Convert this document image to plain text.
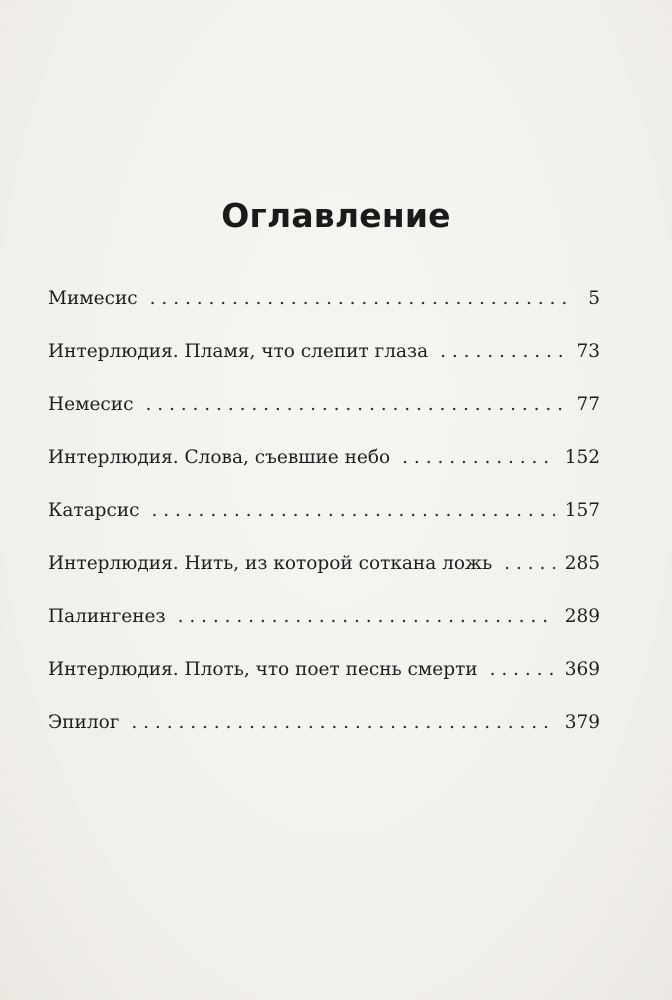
Оглавление
Мимесис . . .	5
Интерлюдия. Пламя, что слепит глаза . . .	73
Немесис . . .	77
Интерлюдия. Слова, съевшие небо . . .	152
Катарсис . . .	157
Интерлюдия. Нить, из которой соткана ложь . . .	285
Палингенез . . .	289
Интерлюдия. Плоть, что поет песнь смерти . . .	369
Эпилог . . .	379
